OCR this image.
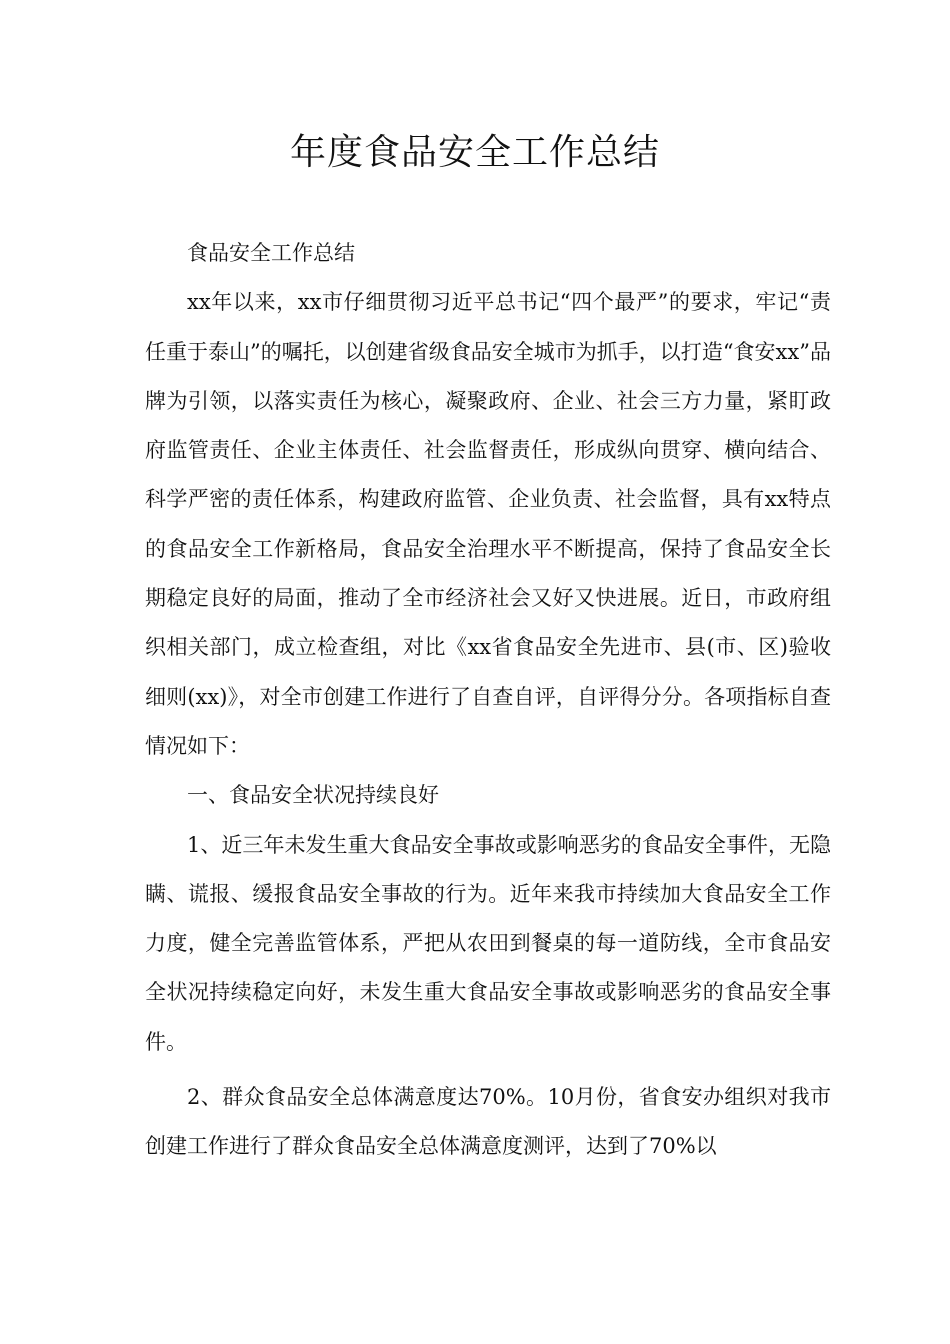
年度食品安全工作总结

食品安全工作总结

xx年以来，xx市仔细贯彻习近平总书记“四个最严”的要求，牢记“责任重于泰山”的嘱托，以创建省级食品安全城市为抓手，以打造“食安xx”品牌为引领，以落实责任为核心，凝聚政府、企业、社会三方力量，紧盯政府监管责任、企业主体责任、社会监督责任，形成纵向贯穿、横向结合、科学严密的责任体系，构建政府监管、企业负责、社会监督，具有xx特点的食品安全工作新格局，食品安全治理水平不断提高，保持了食品安全长期稳定良好的局面，推动了全市经济社会又好又快进展。近日，市政府组织相关部门，成立检查组，对比《xx省食品安全先进市、县(市、区)验收细则(xx)》，对全市创建工作进行了自查自评，自评得分分。各项指标自查情况如下：

一、食品安全状况持续良好

1、近三年未发生重大食品安全事故或影响恶劣的食品安全事件，无隐瞒、谎报、缓报食品安全事故的行为。近年来我市持续加大食品安全工作力度，健全完善监管体系，严把从农田到餐桌的每一道防线，全市食品安全状况持续稳定向好，未发生重大食品安全事故或影响恶劣的食品安全事件。

2、群众食品安全总体满意度达70%。10月份，省食安办组织对我市创建工作进行了群众食品安全总体满意度测评，达到了70%以
